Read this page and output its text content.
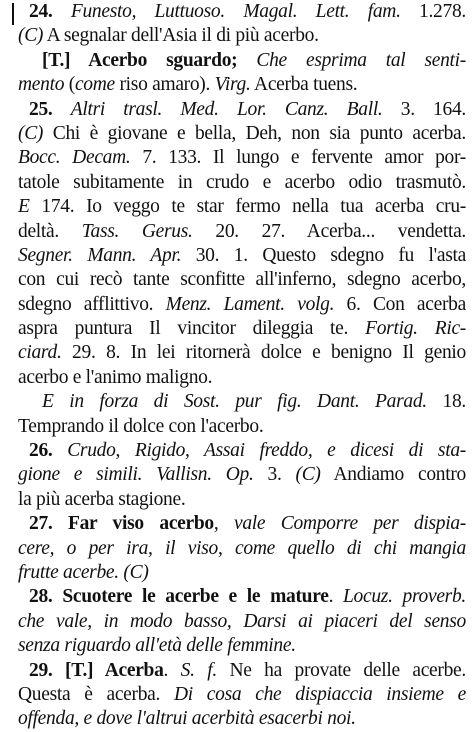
24. Funesto, Luttuoso. Magal. Lett. fam. 1.278.
(C) A segnalar dell'Asia il di più acerbo.
[T.] Acerbo sguardo; Che esprima tal senti-
mento (come riso amaro). Virg. Acerba tuens.
25. Altri trasl. Med. Lor. Canz. Ball. 3. 164.
(C) Chi è giovane e bella, Deh, non sia punto acerba.
Bocc. Decam. 7. 133. Il lungo e fervente amor por-
tatole subitamente in crudo e acerbo odio trasmutò.
E 174. Io veggo te star fermo nella tua acerba cru-
deltà. Tass. Gerus. 20. 27. Acerba... vendetta.
Segner. Mann. Apr. 30. 1. Questo sdegno fu l'asta
con cui recò tante sconfitte all'inferno, sdegno acerbo,
sdegno afflittivo. Menz. Lament. volg. 6. Con acerba
aspra puntura Il vincitor dileggia te. Fortig. Ric-
ciard. 29. 8. In lei ritornerà dolce e benigno Il genio
acerbo e l'animo maligno.
E in forza di Sost. pur fig. Dant. Parad. 18.
Temprando il dolce con l'acerbo.
26. Crudo, Rigido, Assai freddo, e dicesi di sta-
gione e simili. Vallisn. Op. 3. (C) Andiamo contro
la più acerba stagione.
27. Far viso acerbo, vale Comporre per dispia-
cere, o per ira, il viso, come quello di chi mangia
frutte acerbe. (C)
28. Scuotere le acerbe e le mature. Locuz. proverb.
che vale, in modo basso, Darsi ai piaceri del senso
senza riguardo all'età delle femmine.
29. [T.] Acerba. S. f. Ne ha provate delle acerbe.
Questa è acerba. Di cosa che dispiaccia insieme e
offenda, e dove l'altrui acerbità esacerbi noi.
